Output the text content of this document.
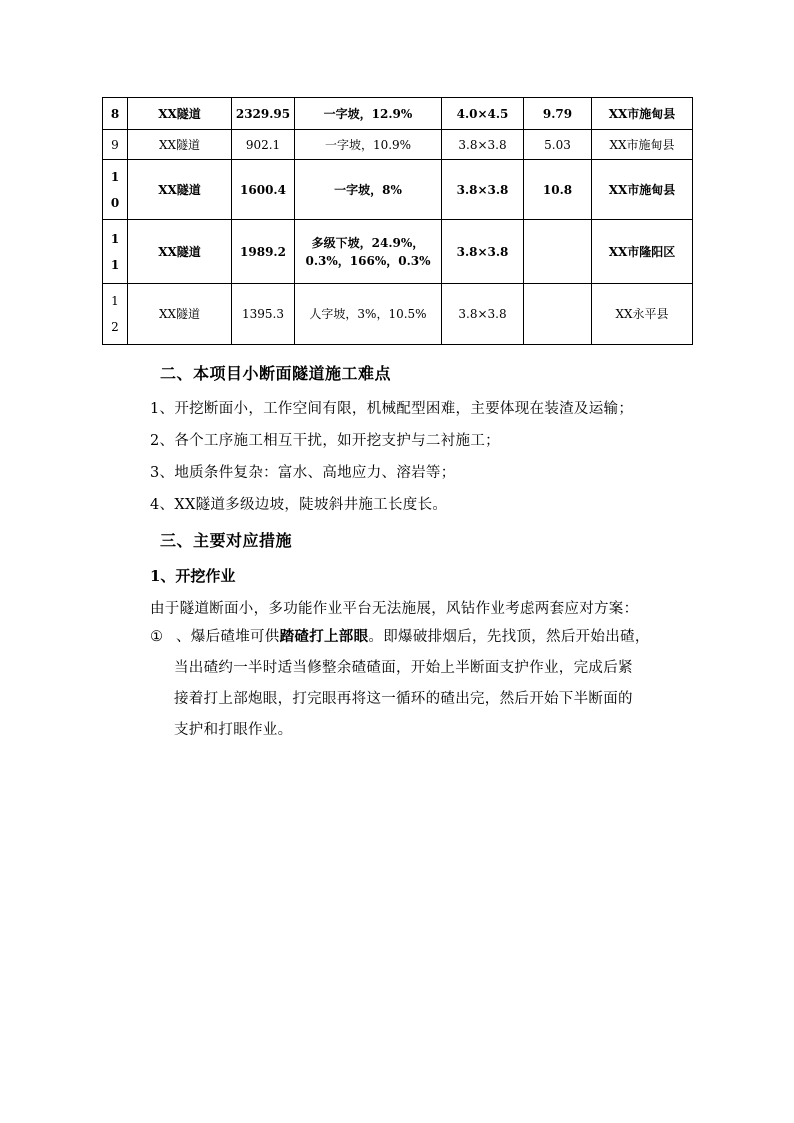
8	XX隧道	2329.95	一字坡，12.9%	4.0×4.5	9.79	XX市施甸县
9	XX隧道	902.1	一字坡，10.9%	3.8×3.8	5.03	XX市施甸县
10	XX隧道	1600.4	一字坡，8%	3.8×3.8	10.8	XX市施甸县
11	XX隧道	1989.2	多级下坡，24.9%，
0.3%，166%，0.3%	3.8×3.8		XX市隆阳区
12	XX隧道	1395.3	人字坡，3%，10.5%	3.8×3.8		XX永平县
二、本项目小断面隧道施工难点
1、开挖断面小，工作空间有限，机械配型困难，主要体现在装渣及运输；
2、各个工序施工相互干扰，如开挖支护与二衬施工；
3、地质条件复杂：富水、高地应力、溶岩等；
4、XX隧道多级边坡，陡坡斜井施工长度长。
三、主要对应措施
1、开挖作业
由于隧道断面小，多功能作业平台无法施展，风钻作业考虑两套应对方案：
① 、爆后碴堆可供踏碴打上部眼。即爆破排烟后，先找顶，然后开始出碴，
当出碴约一半时适当修整余碴碴面，开始上半断面支护作业，完成后紧
接着打上部炮眼，打完眼再将这一循环的碴出完，然后开始下半断面的
支护和打眼作业。
